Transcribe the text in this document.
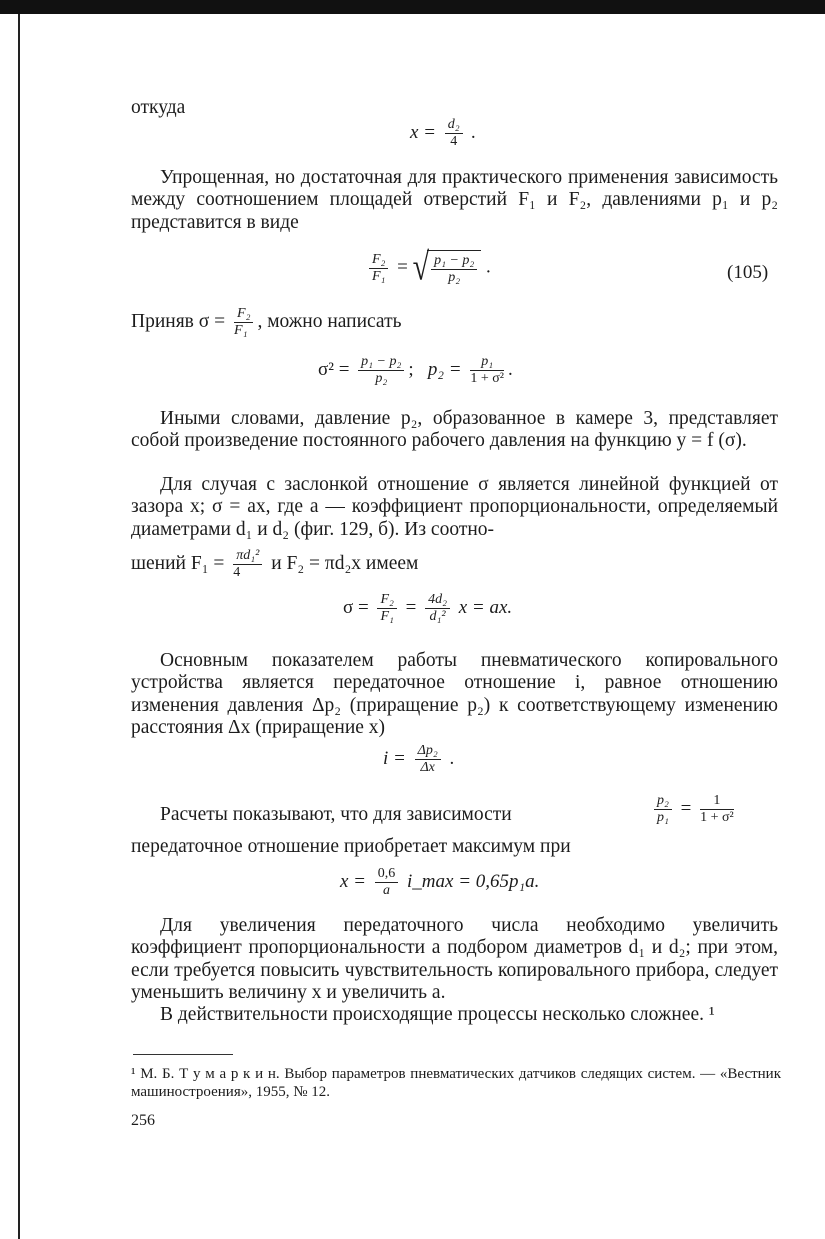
откуда

$x = \frac{\text{d₂}}{4}$ .

Упрощенная, но достаточная для практического применения зависимость между соотношением площадей отверстий F₁ и F₂, давлениями p₁ и p₂ представится в виде

$\frac{\text{F₂}}{\text{F₁}}$ = √ $\frac{\text{p₁ − p₂}}{\text{p₂}}$ .	(105)
Приняв $\sigma = \frac{\text{F₂}}{\text{F₁}}$ , можно написать
$\sigma^2 = \frac{\text{p₁ − p₂}}{\text{p₂}}$ ; $p_2 = \frac{\text{p₁}}{\text{1 + σ²}}$ .

Иными словами, давление p₂, образованное в камере 3, представляет собой произведение постоянного рабочего давления на функцию y = f (σ).

Для случая с заслонкой отношение σ является линейной функцией от зазора x; σ = ax, где a — коэффициент пропорциональности, определяемый диаметрами d₁ и d₂ (фиг. 129, б). Из соотно-

шений $F_1 = \frac{\text{πd₁²}}{4}$ и F₂ = πd₂x имеем
$\sigma = \frac{\text{F₂}}{\text{F₁}} = \frac{\text{4d₂}}{\text{d₁²}}$ x = ax.

Основным показателем работы пневматического копировального устройства является передаточное отношение i, равное отношению изменения давления Δp₂ (приращение p₂) к соответствующему изменению расстояния Δx (приращение x)

$i = \frac{\text{Δp₂}}{\Delta x}$ .
Расчеты показывают, что для зависимости	$\frac{\text{p₂}}{\text{p₁}} = \frac{1}{\text{1 + σ²}}$

передаточное отношение приобретает максимум при

$x = \frac{0,6}{a}$ i_max = 0,65p₁a.

Для увеличения передаточного числа необходимо увеличить коэффициент пропорциональности a подбором диаметров d₁ и d₂; при этом, если требуется повысить чувствительность копировального прибора, следует уменьшить величину x и увеличить a.

В действительности происходящие процессы несколько сложнее. ¹

¹ М. Б. Т у м а р к и н. Выбор параметров пневматических датчиков следящих систем. — «Вестник машиностроения», 1955, № 12.

256
